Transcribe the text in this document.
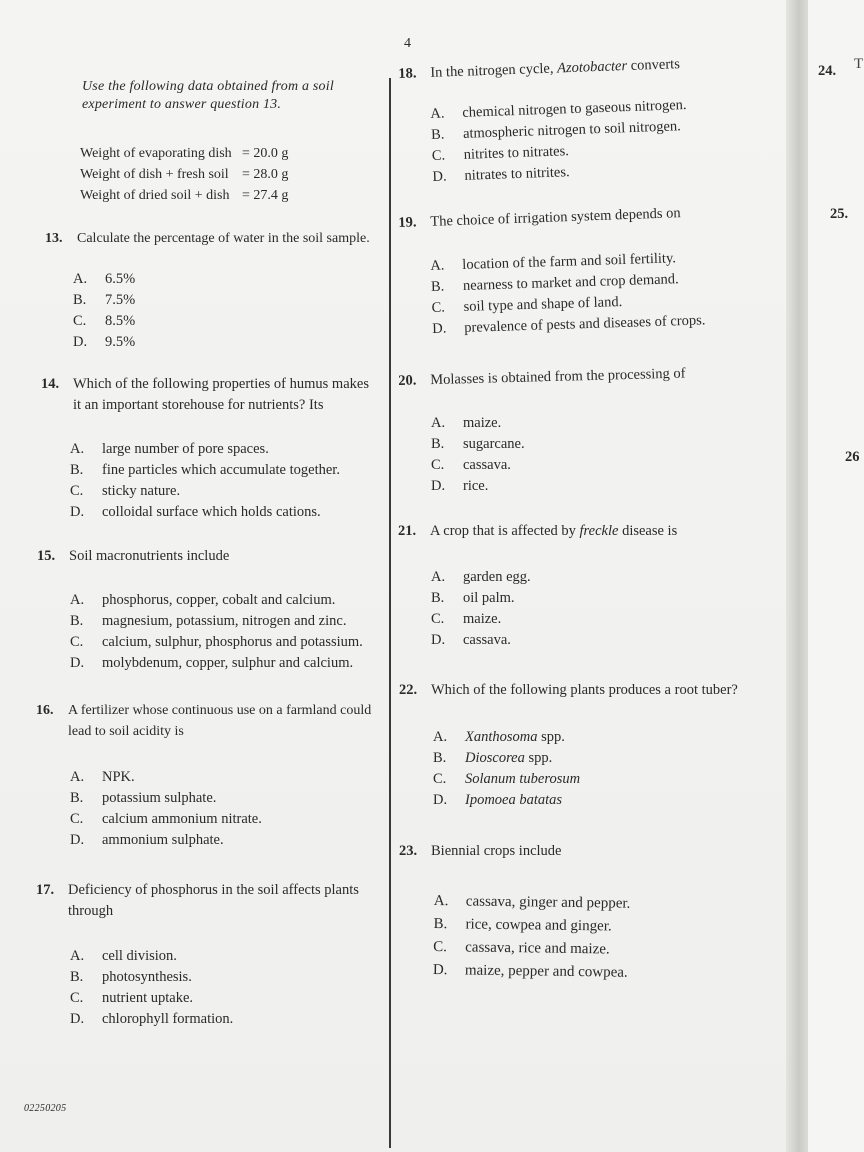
4
Use the following data obtained from a soil
experiment to answer question 13.
Weight of evaporating dish = 20.0 g
Weight of dish + fresh soil = 28.0 g
Weight of dried soil + dish = 27.4 g
13. Calculate the percentage of water in the soil sample.
A.	6.5%
B.	7.5%
C.	8.5%
D.	9.5%
14. Which of the following properties of humus makes
it an important storehouse for nutrients? Its
A.	large number of pore spaces.
B.	fine particles which accumulate together.
C.	sticky nature.
D.	colloidal surface which holds cations.
15. Soil macronutrients include
A.	phosphorus, copper, cobalt and calcium.
B.	magnesium, potassium, nitrogen and zinc.
C.	calcium, sulphur, phosphorus and potassium.
D.	molybdenum, copper, sulphur and calcium.
16. A fertilizer whose continuous use on a farmland could
lead to soil acidity is
A.	NPK.
B.	potassium sulphate.
C.	calcium ammonium nitrate.
D.	ammonium sulphate.
17. Deficiency of phosphorus in the soil affects plants
through
A.	cell division.
B.	photosynthesis.
C.	nutrient uptake.
D.	chlorophyll formation.
02250205
18. In the nitrogen cycle, Azotobacter converts
A.	chemical nitrogen to gaseous nitrogen.
B.	atmospheric nitrogen to soil nitrogen.
C.	nitrites to nitrates.
D.	nitrates to nitrites.
19. The choice of irrigation system depends on
A.	location of the farm and soil fertility.
B.	nearness to market and crop demand.
C.	soil type and shape of land.
D.	prevalence of pests and diseases of crops.
20. Molasses is obtained from the processing of
A.	maize.
B.	sugarcane.
C.	cassava.
D.	rice.
21. A crop that is affected by freckle disease is
A.	garden egg.
B.	oil palm.
C.	maize.
D.	cassava.
22. Which of the following plants produces a root tuber?
A.	Xanthosoma spp.
B.	Dioscorea spp.
C.	Solanum tuberosum
D.	Ipomoea batatas
23. Biennial crops include
A.	cassava, ginger and pepper.
B.	rice, cowpea and ginger.
C.	cassava, rice and maize.
D.	maize, pepper and cowpea.
24. T
25.
26
